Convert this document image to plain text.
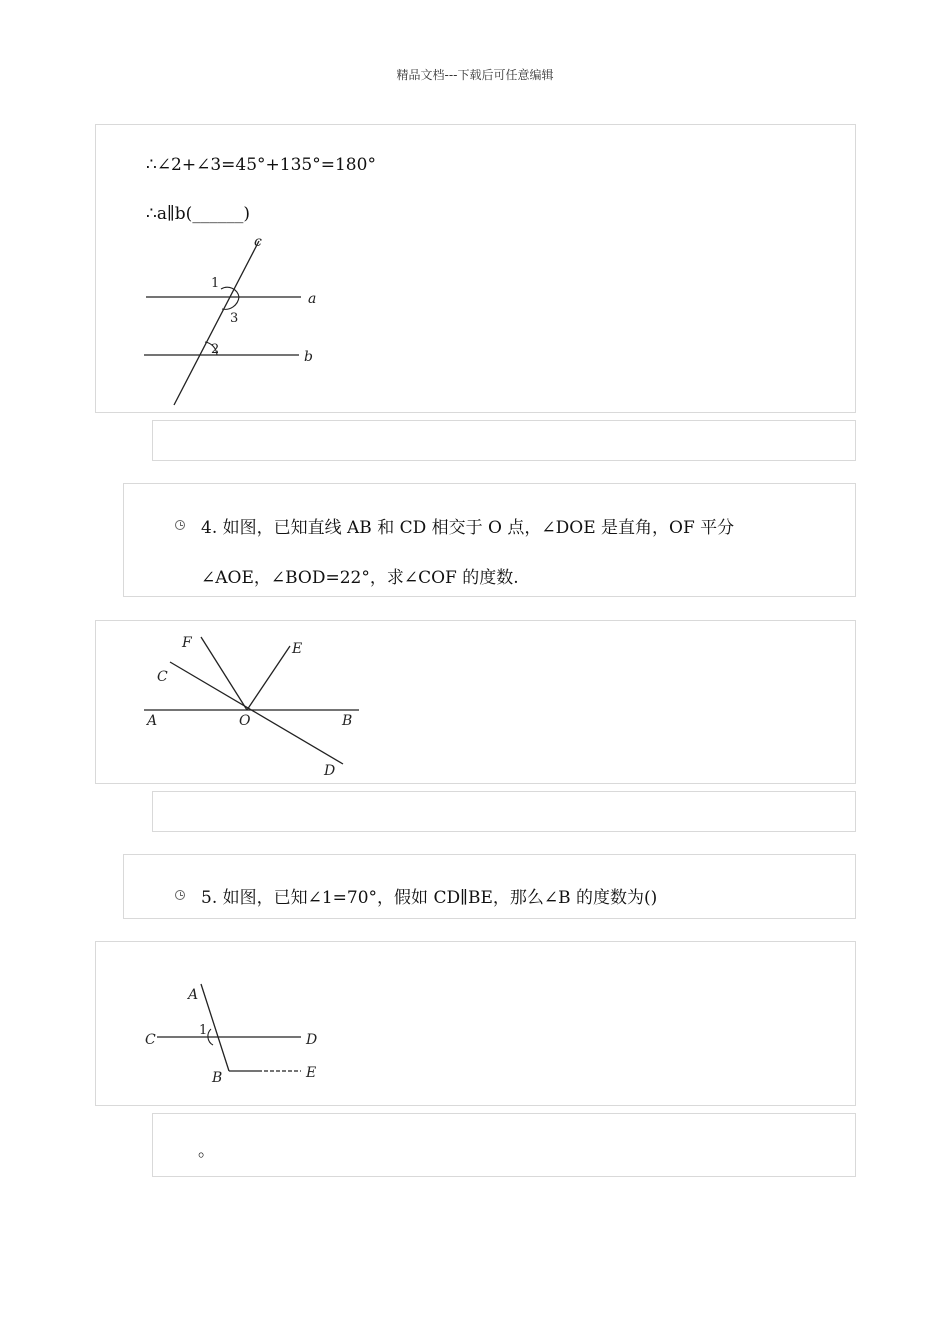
精品文档---下载后可任意编辑
∴∠2+∠3=45°+135°=180°
∴a∥b(______)
c
a
b
1
3
2
4. 如图，已知直线 AB 和 CD 相交于 O 点，∠DOE 是直角，OF 平分
∠AOE，∠BOD=22°，求∠COF 的度数.
F	E
C
A	O	B
D
5. 如图，已知∠1=70°，假如 CD∥BE，那么∠B 的度数为()
A
C
1
D
B	E
。
